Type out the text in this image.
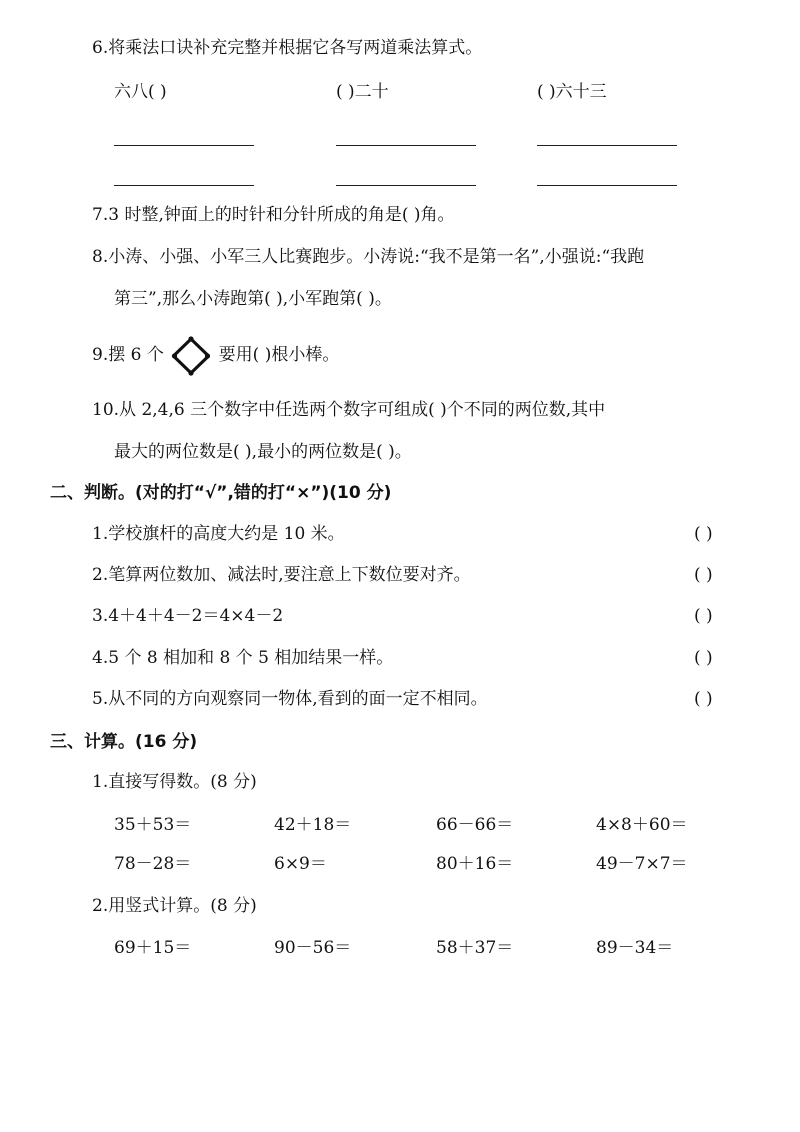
6.将乘法口诀补充完整并根据它各写两道乘法算式。
六八( )	( )二十	( )六十三
7.3 时整,钟面上的时针和分针所成的角是( )角。
8.小涛、小强、小军三人比赛跑步。小涛说:“我不是第一名”,小强说:“我跑
第三”,那么小涛跑第( ),小军跑第( )。
9.摆 6 个	要用( )根小棒。
10.从 2,4,6 三个数字中任选两个数字可组成( )个不同的两位数,其中
最大的两位数是( ),最小的两位数是( )。
二、判断。(对的打“√”,错的打“×”)(10 分)
1.学校旗杆的高度大约是 10 米。	( )
2.笔算两位数加、减法时,要注意上下数位要对齐。	( )
3.4＋4＋4－2＝4×4－2	( )
4.5 个 8 相加和 8 个 5 相加结果一样。	( )
5.从不同的方向观察同一物体,看到的面一定不相同。	( )
三、计算。(16 分)
1.直接写得数。(8 分)
35＋53＝	42＋18＝	66－66＝	4×8＋60＝
78－28＝	6×9＝	80＋16＝	49－7×7＝
2.用竖式计算。(8 分)
69＋15＝	90－56＝	58＋37＝	89－34＝
